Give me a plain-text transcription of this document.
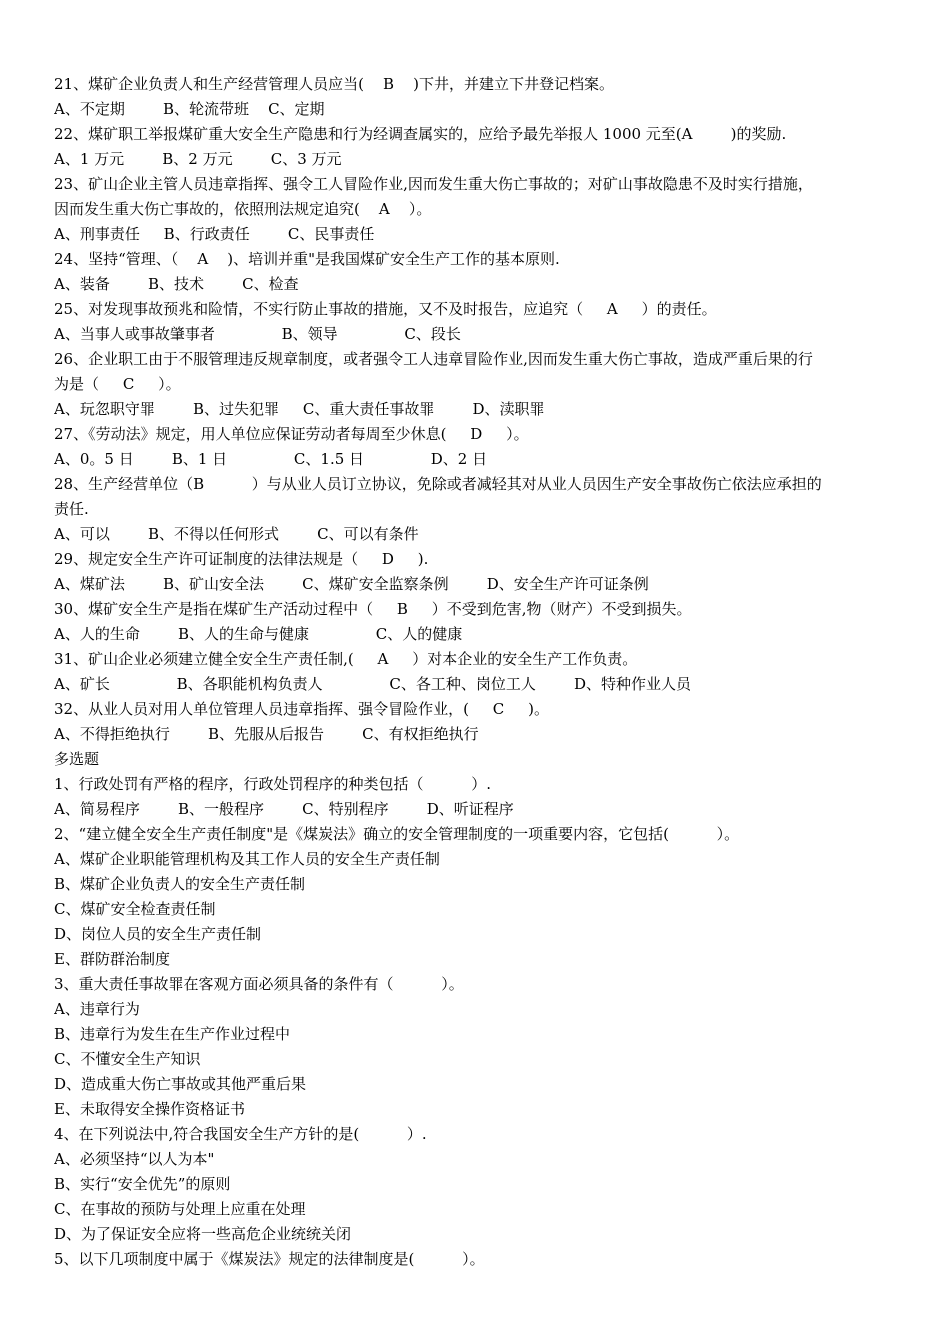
21、煤矿企业负责人和生产经营管理人员应当(    B    )下井，并建立下井登记档案。
A、不定期        B、轮流带班    C、定期
22、煤矿职工举报煤矿重大安全生产隐患和行为经调查属实的，应给予最先举报人 1000 元至(A        )的奖励.
A、1 万元        B、2 万元        C、3 万元
23、矿山企业主管人员违章指挥、强令工人冒险作业,因而发生重大伤亡事故的；对矿山事故隐患不及时实行措施，
因而发生重大伤亡事故的，依照刑法规定追究(    A    ）。
A、刑事责任     B、行政责任        C、民事责任
24、坚持“管理、（    A    )、培训并重"是我国煤矿安全生产工作的基本原则.
A、装备        B、技术        C、检查
25、对发现事故预兆和险情，不实行防止事故的措施，又不及时报告，应追究（     A     ）的责任。
A、当事人或事故肇事者              B、领导              C、段长
26、企业职工由于不服管理违反规章制度，或者强令工人违章冒险作业,因而发生重大伤亡事故，造成严重后果的行
为是（     C     ）。
A、玩忽职守罪        B、过失犯罪     C、重大责任事故罪        D、渎职罪
27、《劳动法》规定，用人单位应保证劳动者每周至少休息(     D     ）。
A、0。5 日        B、1 日              C、1.5 日              D、2 日
28、生产经营单位（B          ）与从业人员订立协议，免除或者减轻其对从业人员因生产安全事故伤亡依法应承担的
责任.
A、可以        B、不得以任何形式        C、可以有条件
29、规定安全生产许可证制度的法律法规是（     D     ).
A、煤矿法        B、矿山安全法        C、煤矿安全监察条例        D、安全生产许可证条例
30、煤矿安全生产是指在煤矿生产活动过程中（     B     ）不受到危害,物（财产）不受到损失。
A、人的生命        B、人的生命与健康              C、人的健康
31、矿山企业必须建立健全安全生产责任制,(     A     ）对本企业的安全生产工作负责。
A、矿长              B、各职能机构负责人              C、各工种、岗位工人        D、特种作业人员
32、从业人员对用人单位管理人员违章指挥、强令冒险作业，(     C     )。
A、不得拒绝执行        B、先服从后报告        C、有权拒绝执行
多选题
1、行政处罚有严格的程序，行政处罚程序的种类包括（          ）.
A、简易程序        B、一般程序        C、特别程序        D、听证程序
2、“建立健全安全生产责任制度"是《煤炭法》确立的安全管理制度的一项重要内容，它包括(          ）。
A、煤矿企业职能管理机构及其工作人员的安全生产责任制
B、煤矿企业负责人的安全生产责任制
C、煤矿安全检查责任制
D、岗位人员的安全生产责任制
E、群防群治制度
3、重大责任事故罪在客观方面必须具备的条件有（          ）。
A、违章行为
B、违章行为发生在生产作业过程中
C、不懂安全生产知识
D、造成重大伤亡事故或其他严重后果
E、未取得安全操作资格证书
4、在下列说法中,符合我国安全生产方针的是(          ）.
A、必须坚持“以人为本"
B、实行“安全优先”的原则
C、在事故的预防与处理上应重在处理
D、为了保证安全应将一些高危企业统统关闭
5、以下几项制度中属于《煤炭法》规定的法律制度是(          ）。
